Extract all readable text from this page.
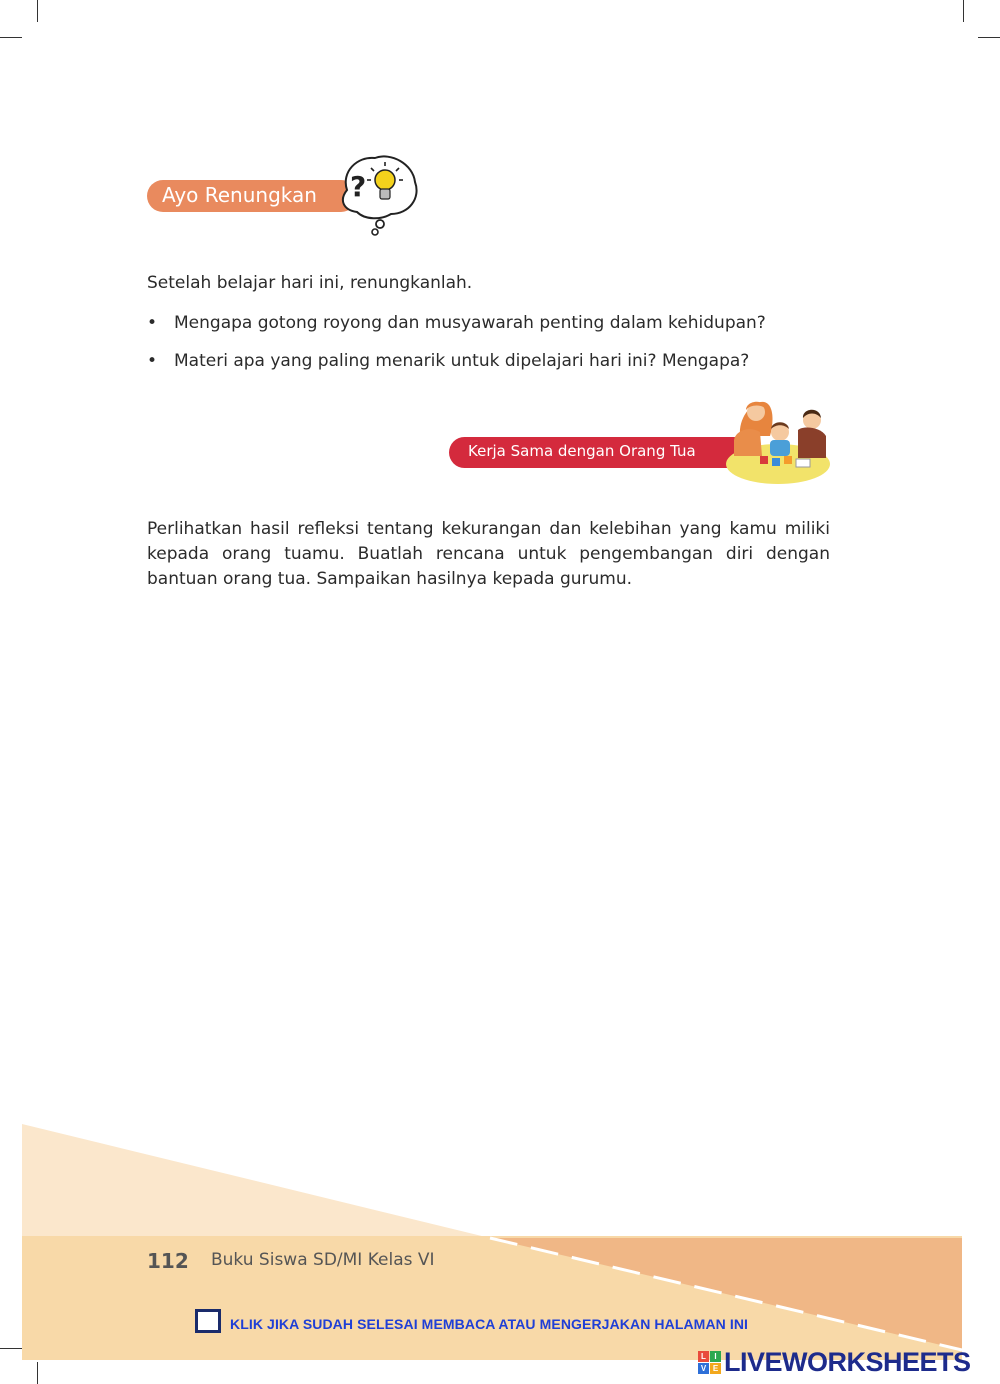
Ayo Renungkan ?
Setelah belajar hari ini, renungkanlah.
• Mengapa gotong royong dan musyawarah penting dalam kehidupan?
• Materi apa yang paling menarik untuk dipelajari hari ini? Mengapa?
Kerja Sama dengan Orang Tua

Perlihatkan hasil refleksi tentang kekurangan dan kelebihan yang kamu miliki kepada orang tuamu. Buatlah rencana untuk pengembangan diri dengan bantuan orang tua. Sampaikan hasilnya kepada gurumu.

112 Buku Siswa SD/MI Kelas VI
KLIK JIKA SUDAH SELESAI MEMBACA ATAU MENGERJAKAN HALAMAN INI
L	I
V E LIVEWORKSHEETS
